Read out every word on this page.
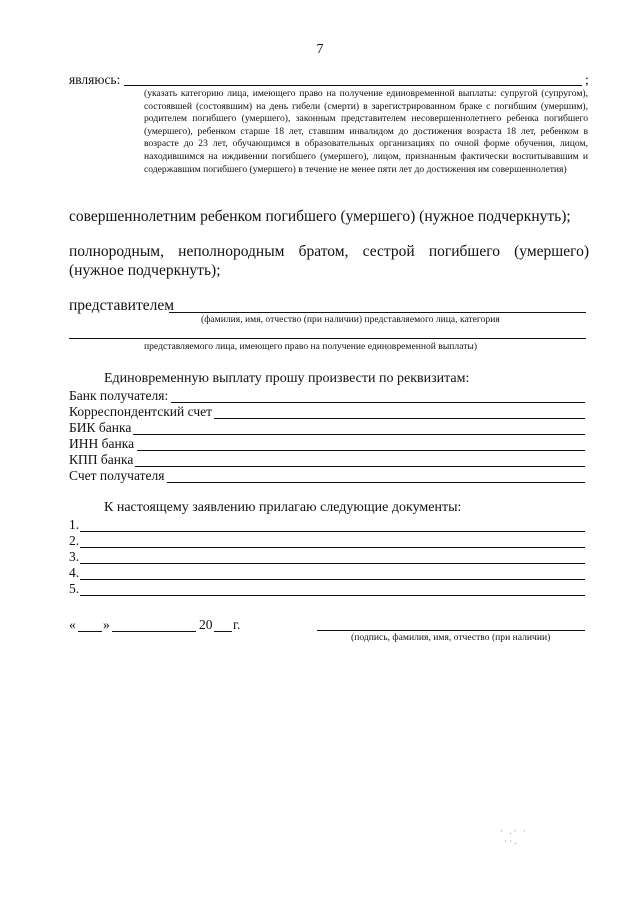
7
являюсь:	;
(указать категорию лица, имеющего право на получение единовременной выплаты: супругой (супругом), состоявшей (состоявшим) на день гибели (смерти) в зарегистрированном браке с погибшим (умершим), родителем погибшего (умершего), законным представителем несовершеннолетнего ребенка погибшего (умершего), ребенком старше 18 лет, ставшим инвалидом до достижения возраста 18 лет, ребенком в возрасте до 23 лет, обучающимся в образовательных организациях по очной форме обучения, лицом, находившимся на иждивении погибшего (умершего), лицом, признанным фактически воспитывавшим и содержавшим погибшего (умершего) в течение не менее пяти лет до достижения им совершеннолетия)
совершеннолетним ребенком погибшего (умершего) (нужное подчеркнуть);
полнородным, неполнородным братом, сестрой погибшего (умершего) (нужное подчеркнуть);
представителем
(фамилия, имя, отчество (при наличии) представляемого лица, категория
представляемого лица, имеющего право на получение единовременной выплаты)
Единовременную выплату прошу произвести по реквизитам:
Банк получателя:
Корреспондентский счет
БИК банка
ИНН банка
КПП банка
Счет получателя
К настоящему заявлению прилагаю следующие документы:
1.
2.
3.
4.
5.
« »	20 г.
(подпись, фамилия, имя, отчество (при наличии)
· .· ·
··.
